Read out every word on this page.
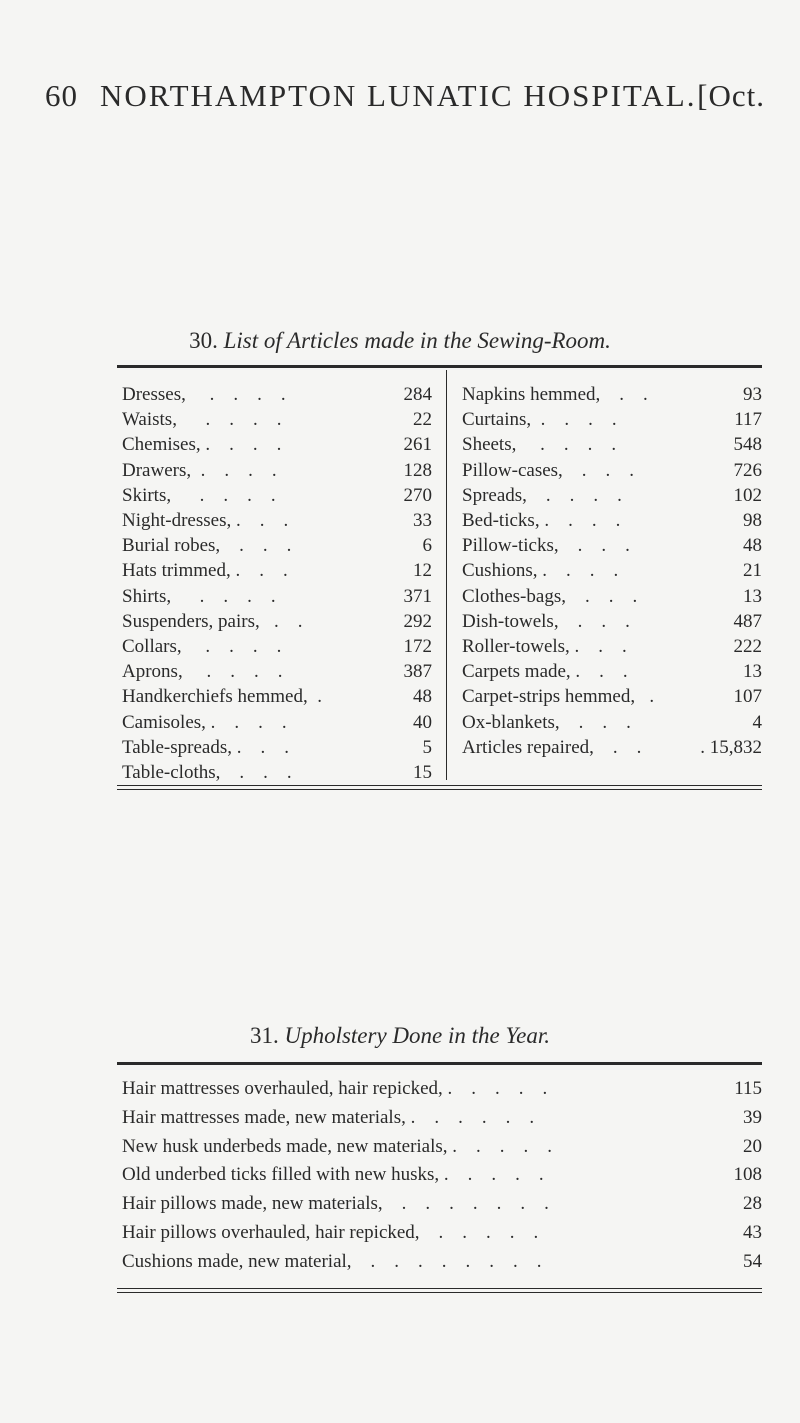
60 NORTHAMPTON LUNATIC HOSPITAL. [Oct.
30. List of Articles made in the Sewing-Room.
Dresses,     .    .    .    .	284
Waists,      .    .    .    .	22
Chemises, .    .    .    .	261
Drawers,  .    .    .    .	128
Skirts,      .    .    .    .	270
Night-dresses, .    .    .	33
Burial robes,    .    .    .	6
Hats trimmed, .    .    .	12
Shirts,      .    .    .    .	371
Suspenders, pairs,   .    .	292
Collars,     .    .    .    .	172
Aprons,     .    .    .    .	387
Handkerchiefs hemmed,  .	48
Camisoles, .    .    .    .	40
Table-spreads, .    .    .	5
Table-cloths,    .    .    .	15
Napkins hemmed,    .    .	93
Curtains,  .    .    .    .	117
Sheets,     .    .    .    .	548
Pillow-cases,    .    .    .	726
Spreads,    .    .    .    .	102
Bed-ticks, .    .    .    .	98
Pillow-ticks,    .    .    .	48
Cushions, .    .    .    .	21
Clothes-bags,    .    .    .	13
Dish-towels,    .    .    .	487
Roller-towels, .    .    .	222
Carpets made, .    .    .	13
Carpet-strips hemmed,   .	107
Ox-blankets,    .    .    .	4
Articles repaired,    .    .	. 15,832
31. Upholstery Done in the Year.
Hair mattresses overhauled, hair repicked, .    .    .    .    .	115
Hair mattresses made, new materials, .    .    .    .    .    .	39
New husk underbeds made, new materials, .    .    .    .    .	20
Old underbed ticks filled with new husks, .    .    .    .    .	108
Hair pillows made, new materials,    .    .    .    .    .    .    .	28
Hair pillows overhauled, hair repicked,    .    .    .    .    .	43
Cushions made, new material,    .    .    .    .    .    .    .    .	54
